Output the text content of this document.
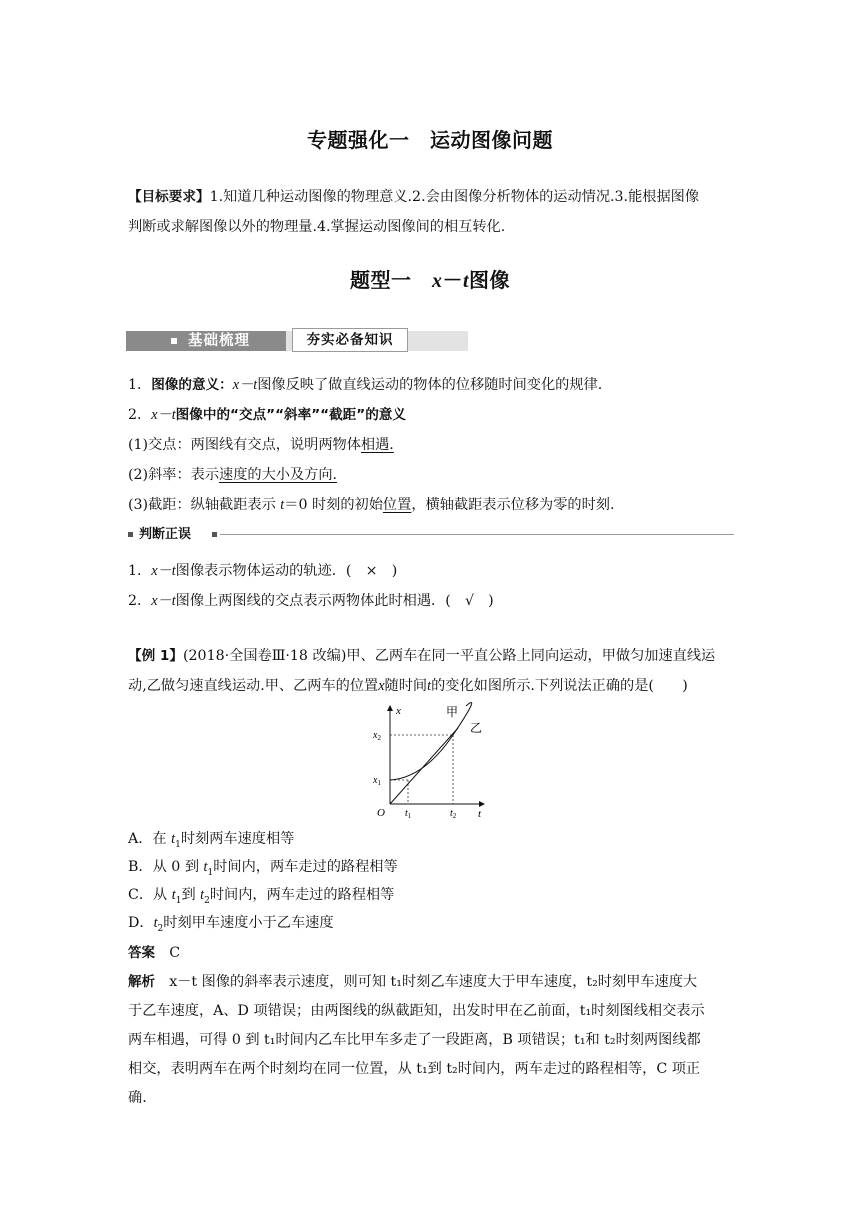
专题强化一　运动图像问题
【目标要求】1.知道几种运动图像的物理意义.2.会由图像分析物体的运动情况.3.能根据图像
判断或求解图像以外的物理量.4.掌握运动图像间的相互转化.
题型一　x－t图像
基础梳理	夯实必备知识
1．图像的意义：x－t图像反映了做直线运动的物体的位移随时间变化的规律.
2．x－t图像中的“交点”“斜率”“截距”的意义
(1)交点：两图线有交点，说明两物体相遇.
(2)斜率：表示速度的大小及方向.
(3)截距：纵轴截距表示 t＝0 时刻的初始位置，横轴截距表示位移为零的时刻.
判断正误
1．x－t图像表示物体运动的轨迹．(　×　)
2．x－t图像上两图线的交点表示两物体此时相遇．(　√　)
【例 1】(2018·全国卷Ⅲ·18 改编)甲、乙两车在同一平直公路上同向运动，甲做匀加速直线运
动,乙做匀速直线运动.甲、乙两车的位置x随时间t的变化如图所示.下列说法正确的是(　　)
x
t
O
$x_1$
$x_2$
$t_1$	$t_2$
甲
乙
A．在 $t_1$时刻两车速度相等
B．从 0 到 $t_1$时间内，两车走过的路程相等
C．从 $t_1$到 $t_2$时间内，两车走过的路程相等
D．$t_2$时刻甲车速度小于乙车速度
答案　 C
解析　 x－t 图像的斜率表示速度，则可知 t₁时刻乙车速度大于甲车速度，t₂时刻甲车速度大
于乙车速度，A、D 项错误；由两图线的纵截距知，出发时甲在乙前面，t₁时刻图线相交表示
两车相遇，可得 0 到 t₁时间内乙车比甲车多走了一段距离，B 项错误；t₁和 t₂时刻两图线都
相交，表明两车在两个时刻均在同一位置，从 t₁到 t₂时间内，两车走过的路程相等，C 项正
确.
